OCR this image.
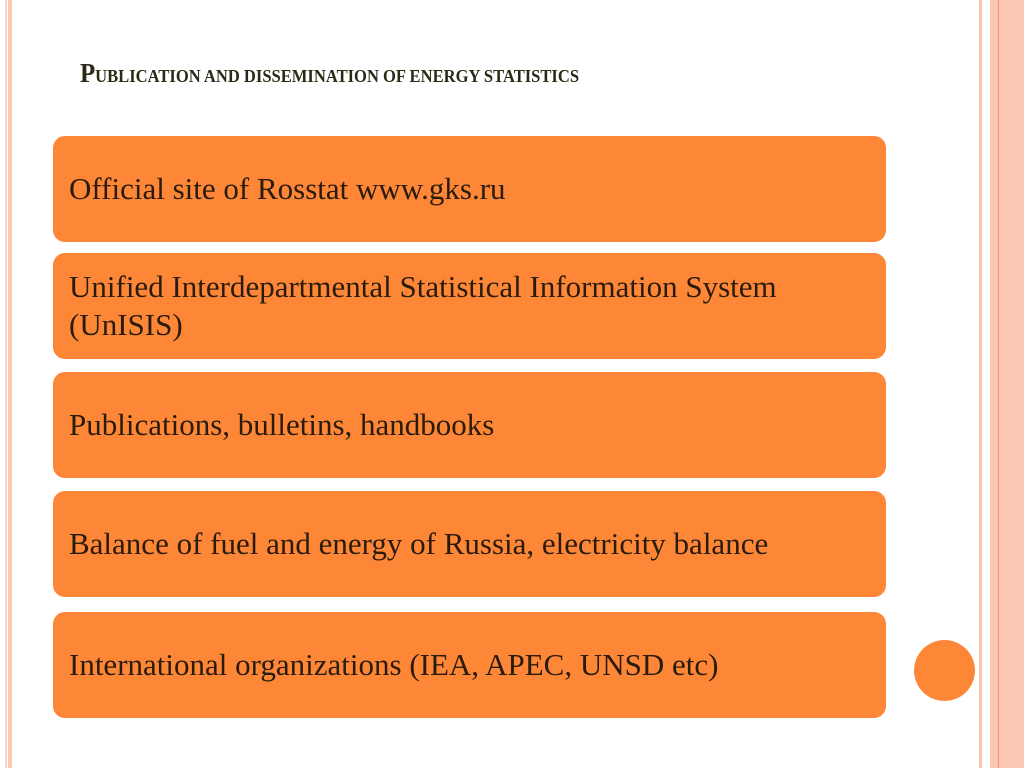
PUBLICATION AND DISSEMINATION OF ENERGY STATISTICS
Official site of Rosstat www.gks.ru
Unified Interdepartmental Statistical Information System (UnISIS)
Publications, bulletins, handbooks
Balance of fuel and energy of Russia, electricity balance
International organizations (IEA, APEC, UNSD etc)
